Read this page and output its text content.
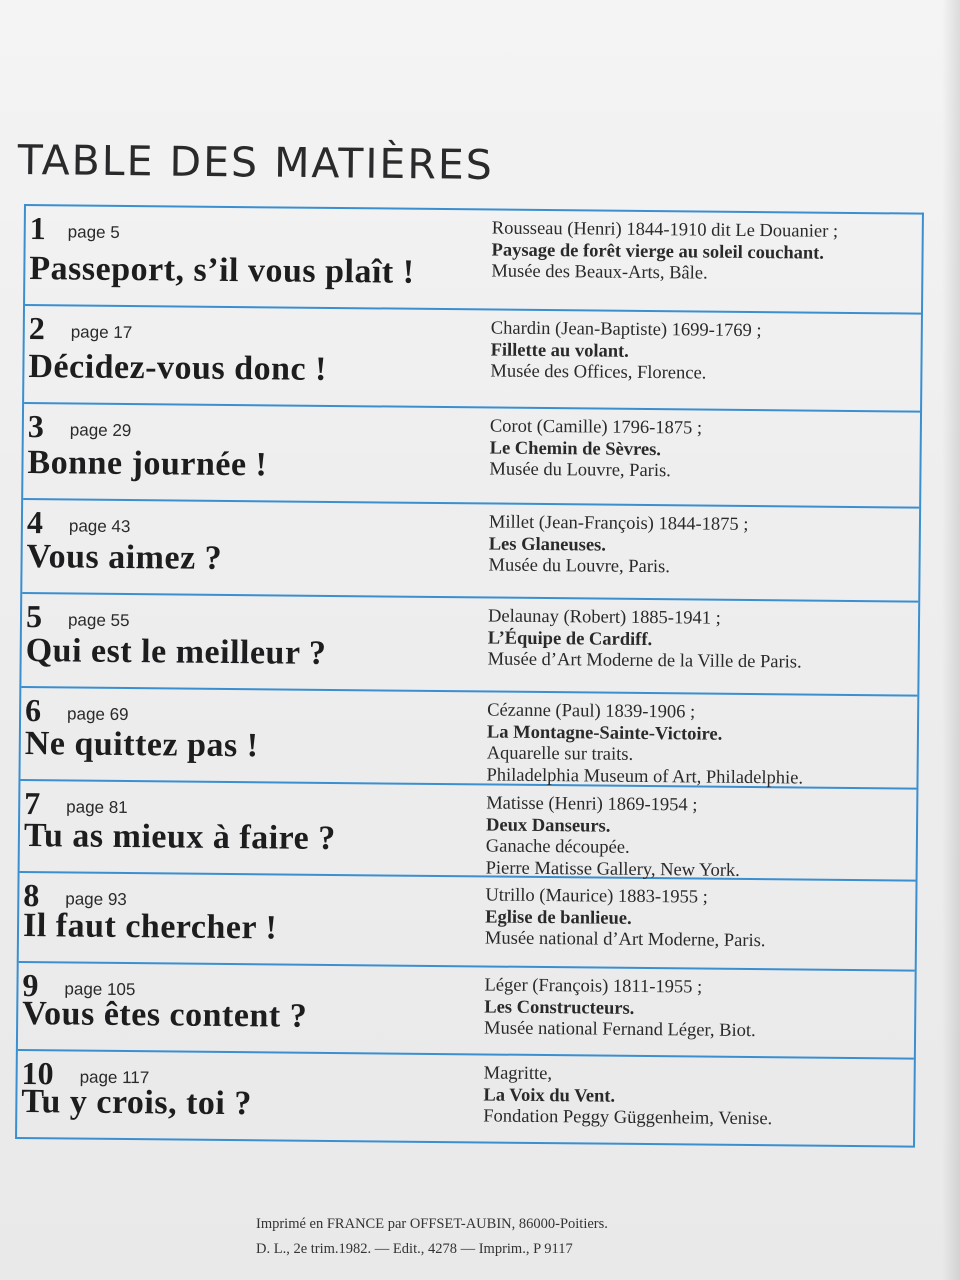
TABLE DES MATIÈRES
1 page 5
Passeport, s’il vous plaît !
Rousseau (Henri) 1844-1910 dit Le Douanier ;
Paysage de forêt vierge au soleil couchant.
Musée des Beaux-Arts, Bâle.
2 page 17
Décidez-vous donc !
Chardin (Jean-Baptiste) 1699-1769 ;
Fillette au volant.
Musée des Offices, Florence.
3 page 29
Bonne journée !
Corot (Camille) 1796-1875 ;
Le Chemin de Sèvres.
Musée du Louvre, Paris.
4 page 43
Vous aimez ?
Millet (Jean-François) 1844-1875 ;
Les Glaneuses.
Musée du Louvre, Paris.
5 page 55
Qui est le meilleur ?
Delaunay (Robert) 1885-1941 ;
L’Équipe de Cardiff.
Musée d’Art Moderne de la Ville de Paris.
6 page 69
Ne quittez pas !
Cézanne (Paul) 1839-1906 ;
La Montagne-Sainte-Victoire.
Aquarelle sur traits.
Philadelphia Museum of Art, Philadelphie.
7 page 81
Tu as mieux à faire ?
Matisse (Henri) 1869-1954 ;
Deux Danseurs.
Ganache découpée.
Pierre Matisse Gallery, New York.
8 page 93
Il faut chercher !
Utrillo (Maurice) 1883-1955 ;
Eglise de banlieue.
Musée national d’Art Moderne, Paris.
9 page 105
Vous êtes content ?
Léger (François) 1811-1955 ;
Les Constructeurs.
Musée national Fernand Léger, Biot.
10 page 117
Tu y crois, toi ?
Magritte,
La Voix du Vent.
Fondation Peggy Güggenheim, Venise.
Imprimé en FRANCE par OFFSET-AUBIN, 86000-Poitiers.
D. L., 2e trim.1982. — Edit., 4278 — Imprim., P 9117
